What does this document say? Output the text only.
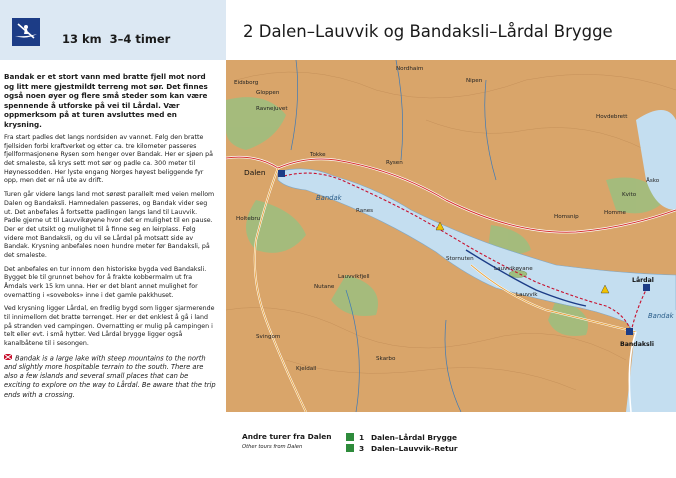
13 km 3–4 timer	2 Dalen–Lauvvik og Bandaksli–Lårdal Brygge

Bandak er et stort vann med bratte fjell mot nord og litt mere gjestmildt terreng mot sør. Det finnes også noen øyer og flere små steder som kan være spennende å utforske på vei til Lårdal. Vær oppmerksom på at turen avsluttes med en krysning.

Fra start padles det langs nordsiden av vannet. Følg den bratte fjellsiden forbi kraftverket og etter ca. tre kilometer passeres fjellformasjonene Rysen som henger over Bandak. Her er sjøen på det smaleste, så krys sett mot sør og padle ca. 300 meter til Høynessodden. Her lyste engang Norges høyest beliggende fyr opp, men det er nå ute av drift.

Turen går videre langs land mot sørøst parallelt med veien mellom Dalen og Bandaksli. Hamnedalen passeres, og Bandak vider seg ut. Det anbefales å fortsette padlingen langs land til Lauvvik. Padle gjerne ut til Lauvvikøyene hvor det er mulighet til en pause. Der er det utsikt og mulighet til å finne seg en leirplass. Følg videre mot Bandaksli, og du vil se Lårdal på motsatt side av Bandak. Krysning anbefales noen hundre meter før Bandaksli, på det smaleste.

Det anbefales en tur innom den historiske bygda ved Bandaksli. Bygget ble til grunnet behov for å frakte kobbermalm ut fra Åmdals verk 15 km unna. Her er det blant annet mulighet for overnatting i «soveboks» inne i det gamle pakkhuset.

Ved krysning ligger Lårdal, en fredlig bygd som ligger sjarmerende til innimellom det bratte terrenget. Her er det enklest å gå i land på stranden ved campingen. Overnatting er mulig på campingen i telt eller evt. i små hytter. Ved Lårdal brygge ligger også kanalbåtene til i sesongen.

Bandak is a large lake with steep mountains to the north and slightly more hospitable terrain to the south. There are also a few islands and several small places that can be exciting to explore on the way to Lårdal. Be aware that the trip ends with a crossing.

Dalen
Bandak
Bandak
Lårdal
Bandaksli
Lauvvik
Lauvvikøyane
Rysen
Eidsborg
Ravnejuvet
Nipen
Hovdebrett
Holtebru
Lauvvikfjell
Svingom
Skarbo
Ranes
Tokke
Homme
Homsnip
Åsko
Kvito
Gloppen
Nordhaim
Nutane
Stornuten
Kjeldall
Andre turer fra Dalen
Other tours from Dalen
1 Dalen–Lårdal Brygge
3 Dalen–Lauvvik–Retur
